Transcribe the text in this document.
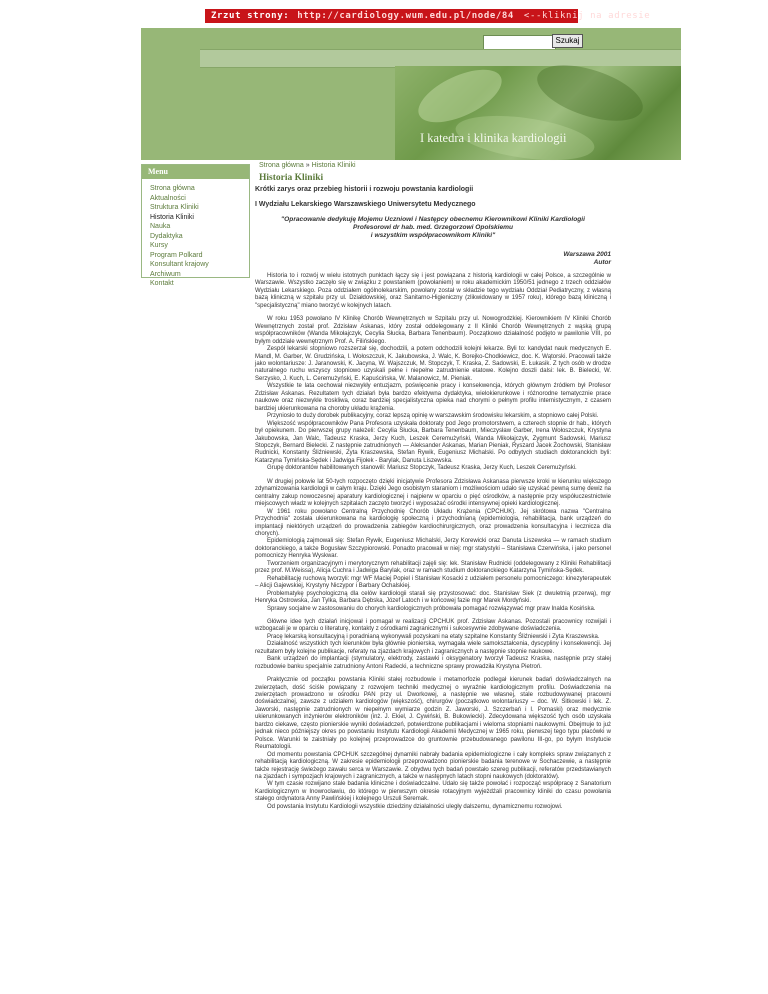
Zrzut strony: http://cardiology.wum.edu.pl/node/84 <--kliknij na adresie
Szukaj
I katedra i klinika kardiologii
Menu
Strona główna
Aktualności
Struktura Kliniki
Historia Kliniki
Nauka
Dydaktyka
Kursy
Program Polkard
Konsultant krajowy
Archiwum
Kontakt
Strona główna » Historia Kliniki
Historia Kliniki

Krótki zarys oraz przebieg historii i rozwoju powstania kardiologii

I Wydziału Lekarskiego Warszawskiego Uniwersytetu Medycznego

"Opracowanie dedykuję Mojemu Uczniowi i Następcy obecnemu Kierownikowi Kliniki Kardiologii

Profesorowi dr hab. med. Grzegorzowi Opolskiemu

i wszystkim współpracownikom Kliniki"

Warszawa 2001

Autor

Historia to i rozwój w wielu istotnych punktach łączy się i jest powiązana z historią kardiologii w całej Polsce, a szczególnie w Warszawie. Wszystko zaczęło się w związku z powstaniem (powołaniem) w roku akademickim 1950/51 jednego z trzech oddziałów Wydziału Lekarskiego. Poza oddziałem ogólnolekarskim, powołany został w składzie tego wydziału Oddział Pediatryczny, z własną bazą kliniczną w szpitalu przy ul. Działdowskiej, oraz Sanitarno-Higieniczny (zlikwidowany w 1957 roku), którego bazą kliniczną i "specjalistyczną" miano tworzyć w kolejnych latach.

W roku 1953 powołano IV Klinikę Chorób Wewnętrznych w Szpitalu przy ul. Nowogrodzkiej. Kierownikiem IV Kliniki Chorób Wewnętrznych został prof. Zdzisław Askanas, który został oddelegowany z II Kliniki Chorób Wewnętrznych z wąską grupą współpracowników (Wanda Mikołajczyk, Cecylia Słucka, Barbara Tenenbaum). Początkowo działalność podjęto w pawilonie VIII, po byłym oddziale wewnętrznym Prof. A. Filińskiego.

Zespół lekarski stopniowo rozszerzał się, dochodzili, a potem odchodzili kolejni lekarze. Byli to: kandydat nauk medycznych E. Mandl, M. Garber, W. Grudzińska, I. Wołoszczuk, K. Jakubowska, J. Walc, K. Borejko-Chodkiewicz, doc. K. Wątorski. Pracowali także jako wolontariusze: J. Jaranowski, K. Jacyna, W. Wajszczuk, M. Stopczyk, T. Kraska, Z. Sadowski, E. Łukasik. Z tych osób w drodze naturalnego ruchu wszyscy stopniowo uzyskali pełne i niepełne zatrudnienie etatowe. Kolejno doszli dalsi: lek. B. Bielecki, W. Serzysko, J. Kuch, L. Ceremużyński, E. Kapuścińska, W. Malanowicz, M. Pieniak.

Wszystkie te lata cechował niezwykły entuzjazm, poświęcenie pracy i konsekwencja, których głównym źródłem był Profesor Zdzisław Askanas. Rezultatem tych działań była bardzo efektywna dydaktyka, wielokierunkowe i różnorodne tematycznie prace naukowe oraz niezwykle troskliwa, coraz bardziej specjalistyczna opieka nad chorymi o pełnym profilu internistycznym, z czasem bardziej ukierunkowana na choroby układu krążenia.

Przyniosło to duży dorobek publikacyjny, coraz lepszą opinię w warszawskim środowisku lekarskim, a stopniowo całej Polski.

Większość współpracowników Pana Profesora uzyskała doktoraty pod Jego promotorstwem, a czterech stopnie dr hab., których był opiekunem. Do pierwszej grupy należeli: Cecylia Słucka, Barbara Tenenbaum, Mieczysław Garber, Irena Wołoszczuk, Krystyna Jakubowska, Jan Walc, Tadeusz Kraska, Jerzy Kuch, Leszek Ceremużyński, Wanda Mikołajczyk, Zygmunt Sadowski, Mariusz Stopczyk, Bernard Bielecki. Z następnie zatrudnionych — Aleksander Askanas, Marian Pieniak, Ryszard Jacek Żochowski, Stanisław Rudnicki, Konstanty Śliźniewski, Zyta Kraszewska, Stefan Rywik, Eugeniusz Michalski. Po odbytych studiach doktoranckich byli: Katarzyna Tymińska-Sędek i Jadwiga Fijołek - Barylak, Danuta Liszewska.

Grupę doktorantów habilitowanych stanowili: Mariusz Stopczyk, Tadeusz Kraska, Jerzy Kuch, Leszek Ceremużyński.

W drugiej połowie lat 50-tych rozpoczęto dzięki inicjatywie Profesora Zdzisława Askanasa pierwsze kroki w kierunku większego zdynamizowania kardiologii w całym kraju. Dzięki Jego osobistym staraniom i możliwościom udało się uzyskać pewną sumę dewiz na centralny zakup nowoczesnej aparatury kardiologicznej i najpierw w oparciu o pięć ośrodków, a następnie przy współuczestnictwie miejscowych władz w kolejnych szpitalach zaczęto tworzyć i wyposażać ośrodki intensywnej opieki kardiologicznej.

W 1961 roku powołano Centralną Przychodnię Chorób Układu Krążenia (CPCHUK). Jej skrótowa nazwa "Centralna Przychodnia" została ukierunkowana na kardiologię społeczną i przychodnianą (epidemiologia, rehabilitacja, bank urządzeń do implantacji niektórych urządzeń do prowadzenia zabiegów kardiochirurgicznych, oraz prowadzenia konsultacyjna i lecznicza dla chorych).

Epidemiologią zajmowali się: Stefan Rywik, Eugeniusz Michalski, Jerzy Korewicki oraz Danuta Liszewska — w ramach studium doktoranckiego, a także Bogusław Szczypiorowski. Ponadto pracowali w niej: mgr statystyki – Stanisława Czerwińska, i jako personel pomocniczy Henryka Wyskwar.

Tworzeniem organizacyjnym i merytorycznym rehabilitacji zajęli się: lek. Stanisław Rudnicki (oddelegowany z Kliniki Rehabilitacji przez prof. M.Weissa), Alicja Cuchra i Jadwiga Barylak, oraz w ramach studium doktoranckiego Katarzyna Tymińska-Sędek.

Rehabilitację ruchową tworzyli: mgr WF Maciej Popiel i Stanisław Kosacki z udziałem personelu pomocniczego: kinezyterapeutek – Alicji Gajewskiej, Krystyny Niczypor i Barbary Ochalskiej.

Problematykę psychologiczną dla celów kardiologii starali się przystosować: doc. Stanisław Siek (z dwuletnią przerwą), mgr Henryka Ostrowska, Jan Tylka, Barbara Dębska, Józef Latoch i w końcowej fazie mgr Marek Mordyński.

Sprawy socjalne w zastosowaniu do chorych kardiologicznych próbowała pomagać rozwiązywać mgr praw Inalda Kosińska.

Główne idee tych działań inicjował i pomagał w realizacji CPCHUK prof. Zdzisław Askanas. Pozostali pracownicy rozwijali i wzbogacali je w oparciu o literaturę, kontakty z ośrodkami zagranicznymi i sukcesywnie zdobywane doświadczenia.

Pracę lekarską konsultacyjną i poradnianą wykonywali pozyskani na etaty szpitalne Konstanty Śliźniewski i Zyta Kraszewska.

Działalność wszystkich tych kierunków była głównie pionierska, wymagała wiele samokształcenia, dyscypliny i konsekwencji. Jej rezultatem były kolejne publikacje, referaty na zjazdach krajowych i zagranicznych a następnie stopnie naukowe.

Bank urządzeń do implantacji (stymulatory, elektrody, zastawki i oksygenatory tworzył Tadeusz Kraska, następnie przy stałej rozbudowie banku specjalnie zatrudniony Antoni Radecki, a techniczne sprawy prowadziła Krystyna Pietroń.

Praktycznie od początku powstania Kliniki stałej rozbudowie i metamorfozie podlegał kierunek badań doświadczalnych na zwierzętach, dość ściśle powiązany z rozwojem techniki medycznej o wyraźnie kardiologicznym profilu. Doświadczenia na zwierzętach prowadzono w ośrodku PAN przy ul. Dworkowej, a następnie we własnej, stale rozbudowywanej pracowni doświadczalnej, zawsze z udziałem kardiologów (większość), chirurgów (początkowo wolontariuszy – doc. W. Sitkowski i lek. Z. Jaworski, następnie zatrudnionych w niepełnym wymiarze godzin Z. Jaworski, J. Szczerbań i I. Pomaski) oraz medycznie ukierunkowanych inżynierów elektroników (inż. J. Ekiel, J. Cywiński, B. Bukowiecki). Zdecydowana większość tych osób uzyskała bardzo ciekawe, często pionierskie wyniki doświadczeń, potwierdzone publikacjami i wieloma stopniami naukowymi. Obejmuje to już jednak nieco późniejszy okres po powstaniu Instytutu Kardiologii Akademii Medycznej w 1965 roku, pierwszej tego typu placówki w Polsce. Warunki te zaistniały po kolejnej przeprowadzce do gruntownie przebudowanego pawilonu III-go, po byłym Instytucie Reumatologii.

Od momentu powstania CPCHUK szczególnej dynamiki nabrały badania epidemiologiczne i cały kompleks spraw związanych z rehabilitacją kardiologiczną. W zakresie epidemiologii przeprowadzono pionierskie badania terenowe w Sochaczewie, a następnie także rejestrację świeżego zawału serca w Warszawie. Z obydwu tych badań powstało szereg publikacji, referatów przedstawianych na zjazdach i sympozjach krajowych i zagranicznych, a także w następnych latach stopni naukowych (doktoratów).

W tym czasie rozwijano stale badania kliniczne i doświadczalne. Udało się także powołać i rozpocząć współpracę z Sanatorium Kardiologicznym w Inowrocławiu, do którego w pierwszym okresie rotacyjnym wyjeżdżali pracownicy kliniki do czasu powołania stałego ordynatora Anny Pawlińskiej i kolejnego Urszuli Seremak.

Od powstania Instytutu Kardiologii wszystkie dziedziny działalności uległy dalszemu, dynamicznemu rozwojowi.
